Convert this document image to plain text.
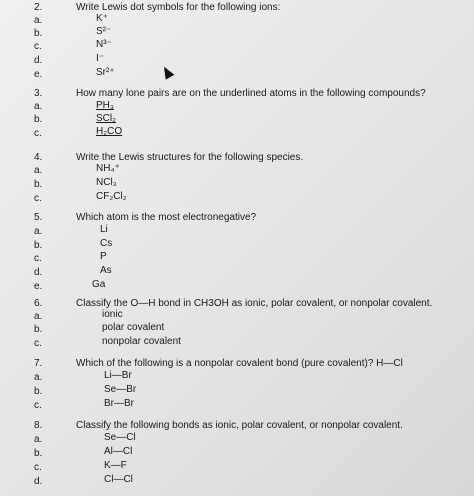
2.	Write Lewis dot symbols for the following ions:
a.	K⁺
b.	S²⁻
c.	N³⁻
d.	I⁻
e.	Sr²⁺
3.	How many lone pairs are on the underlined atoms in the following compounds?
a.	PH₃
b.	SCl₂
c.	H₂CO
4.	Write the Lewis structures for the following species.
a.	NH₄⁺
b.	NCl₃
c.	CF₂Cl₂
5.	Which atom is the most electronegative?
a.	Li
b.	Cs
c.	P
d.	As
e.	Ga
6.	Classify the O—H bond in CH3OH as ionic, polar covalent, or nonpolar covalent.
a.	ionic
b.	polar covalent
c.	nonpolar covalent
7.	Which of the following is a nonpolar covalent bond (pure covalent)? H—Cl
a.	Li—Br
b.	Se—Br
c.	Br—Br
8.	Classify the following bonds as ionic, polar covalent, or nonpolar covalent.
a.	Se—Cl
b.	Al—Cl
c.	K—F
d.	Cl—Cl
